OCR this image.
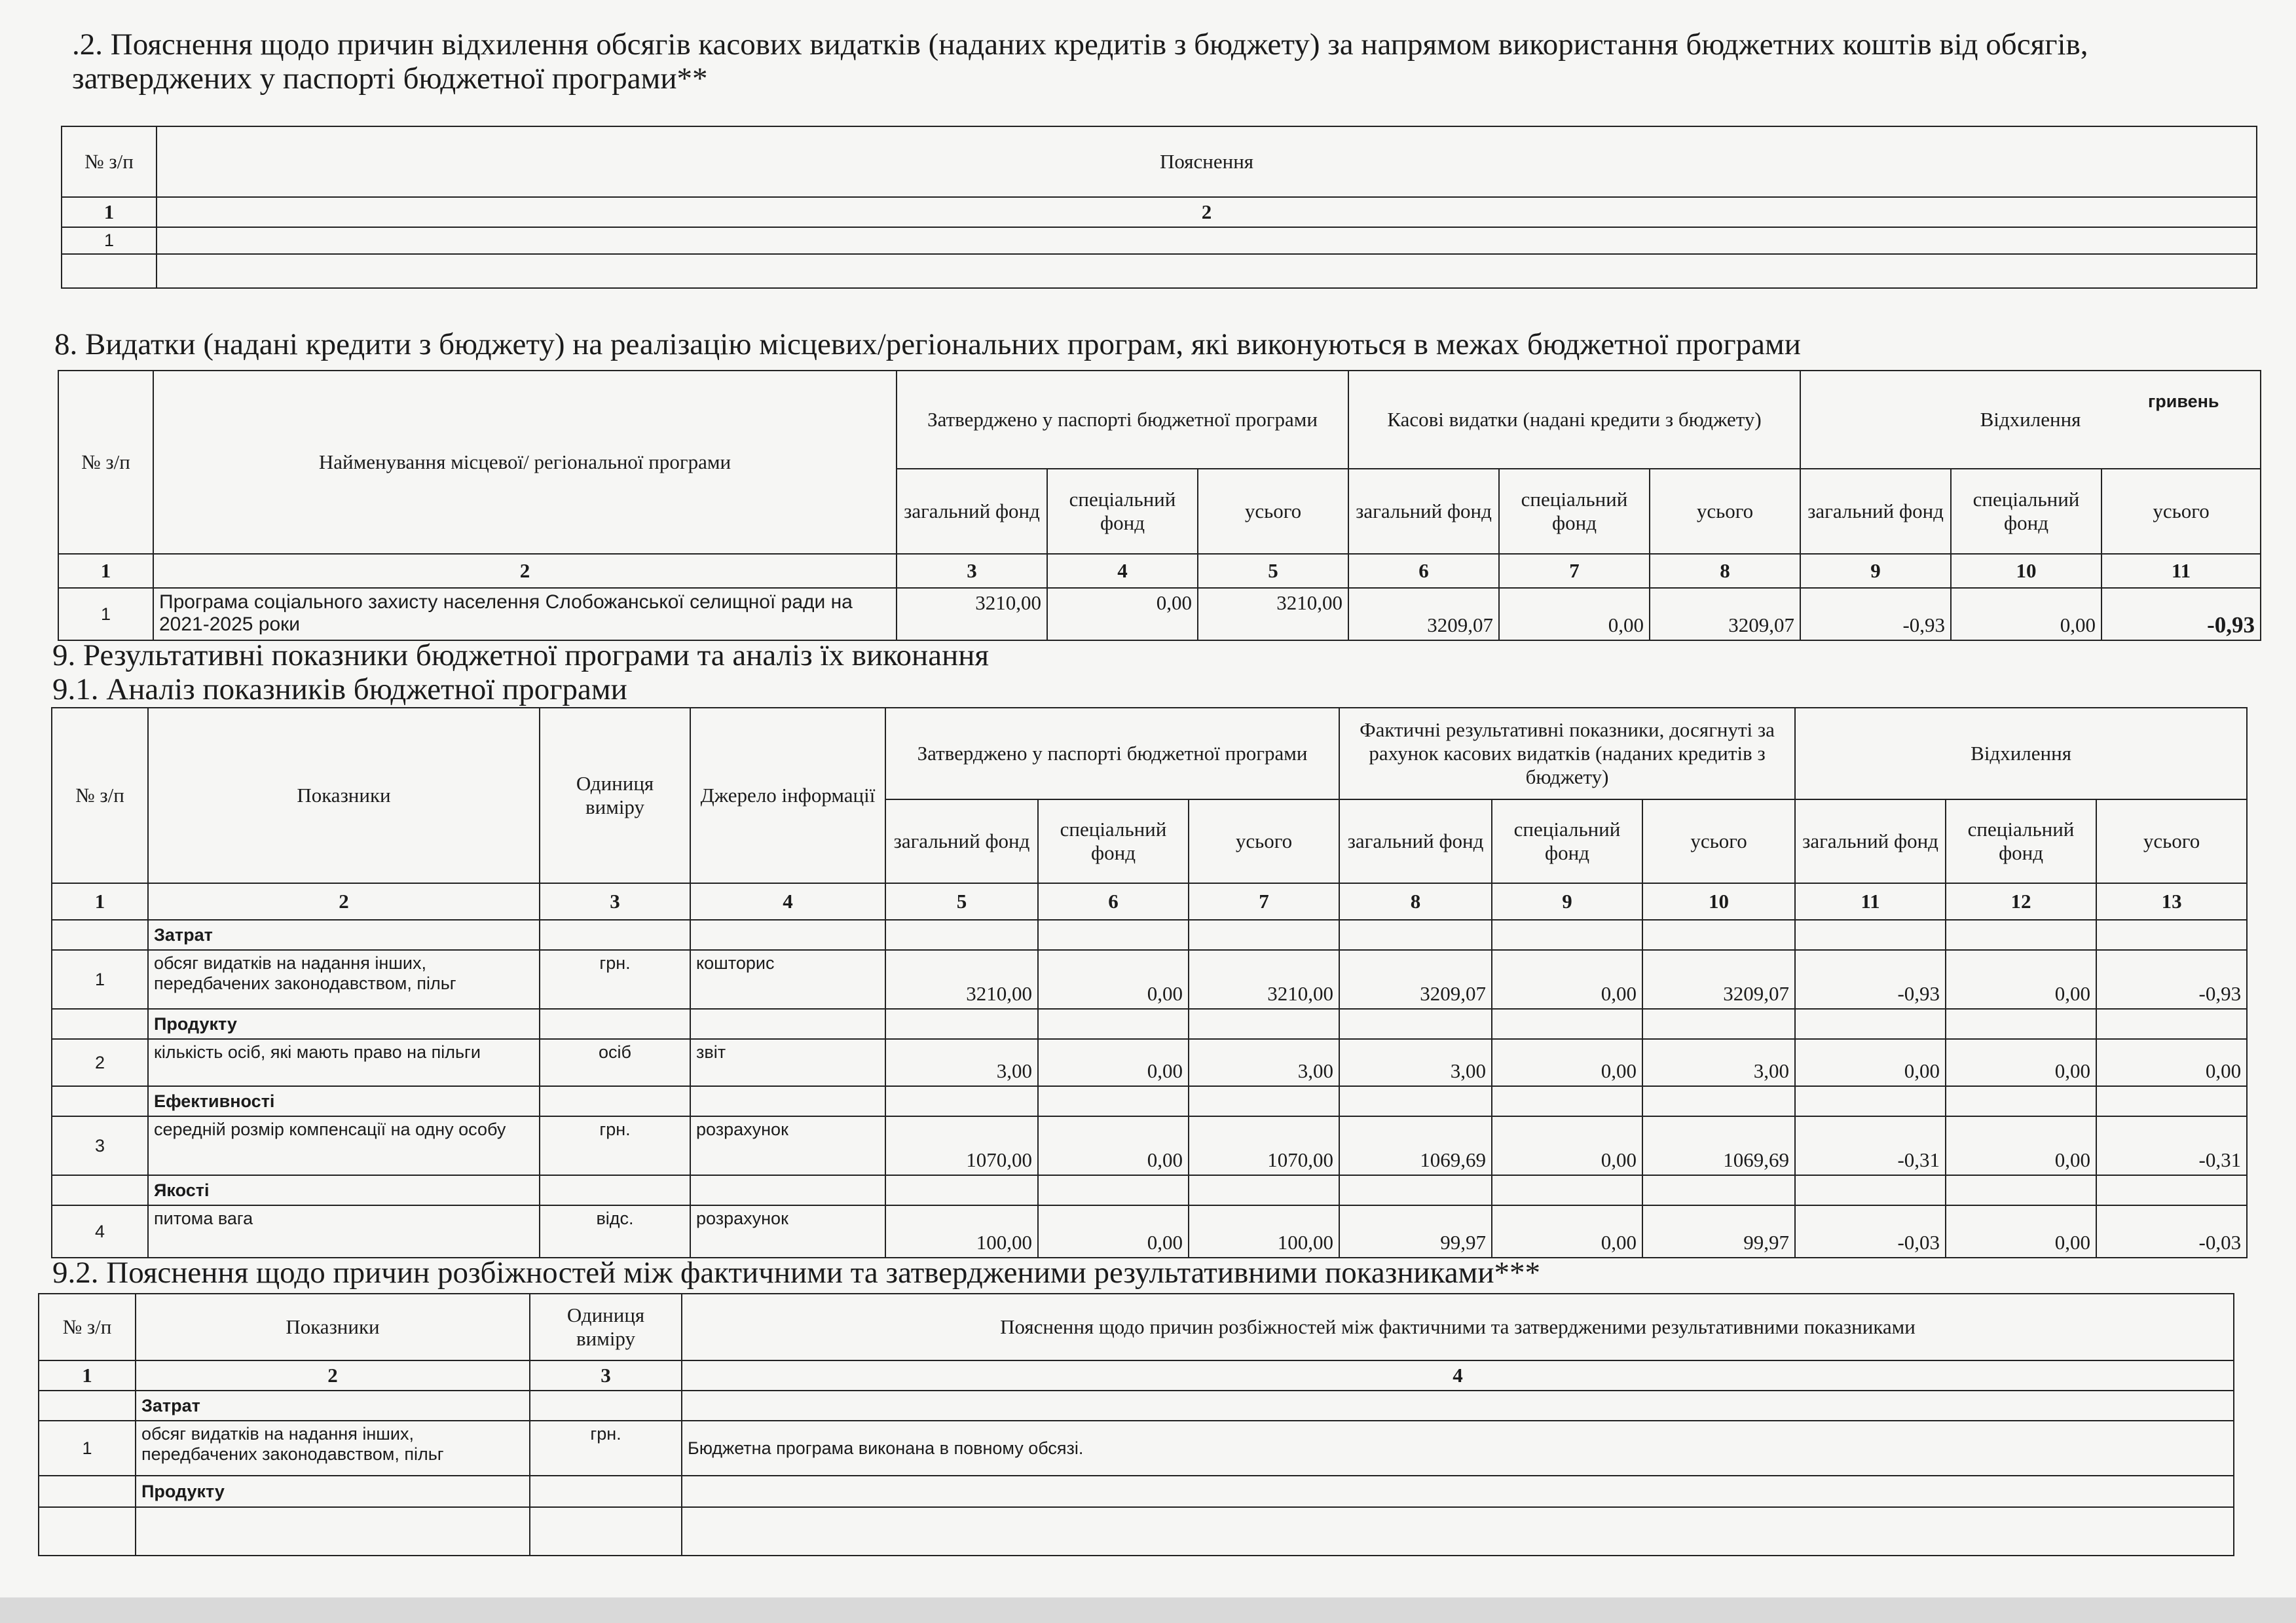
.2. Пояснення щодо причин відхилення обсягів касових видатків (наданих кредитів з бюджету) за напрямом використання бюджетних коштів від обсягів, затверджених у паспорті бюджетної програми**
№ з/п	Пояснення
1	2
1	

8. Видатки (надані кредити з бюджету) на реалізацію місцевих/регіональних програм, які виконуються в межах бюджетної програми
гривень
№ з/п	Найменування місцевої/ регіональної програми	Затверджено у паспорті бюджетної програми			Касові видатки (надані кредити з бюджету)			Відхилення		
		загальний фонд	спеціальний фонд	усього	загальний фонд	спеціальний фонд	усього	загальний фонд	спеціальний фонд	усього
1	2	3	4	5	6	7	8	9	10	11
1	Програма соціального захисту населення Слобожанської селищної ради на 2021-2025 роки	3210,00	0,00	3210,00	3209,07	0,00	3209,07	-0,93	0,00	-0,93
9. Результативні показники бюджетної програми та аналіз їх виконання
9.1. Аналіз показників бюджетної програми
№ з/п	Показники	Одиниця виміру	Джерело інформації	Затверджено у паспорті бюджетної програми			Фактичні результативні показники, досягнуті за рахунок касових видатків (наданих кредитів з бюджету)			Відхилення		
				загальний фонд	спеціальний фонд	усього	загальний фонд	спеціальний фонд	усього	загальний фонд	спеціальний фонд	усього
1	2	3	4	5	6	7	8	9	10	11	12	13
	Затрат											
1	обсяг видатків на надання інших, передбачених законодавством, пільг	грн.	кошторис	3210,00	0,00	3210,00	3209,07	0,00	3209,07	-0,93	0,00	-0,93
	Продукту											
2	кількість осіб, які мають право на пільги	осіб	звіт	3,00	0,00	3,00	3,00	0,00	3,00	0,00	0,00	0,00
	Ефективності											
3	середній розмір компенсації на одну особу	грн.	розрахунок	1070,00	0,00	1070,00	1069,69	0,00	1069,69	-0,31	0,00	-0,31
	Якості											
4	питома вага	відс.	розрахунок	100,00	0,00	100,00	99,97	0,00	99,97	-0,03	0,00	-0,03
9.2. Пояснення щодо причин розбіжностей між фактичними та затвердженими результативними показниками***
№ з/п	Показники	Одиниця виміру	Пояснення щодо причин розбіжностей між фактичними та затвердженими результативними показниками
1	2	3	4
	Затрат		
1	обсяг видатків на надання інших, передбачених законодавством, пільг	грн.	Бюджетна програма виконана в повному обсязі.
	Продукту		
